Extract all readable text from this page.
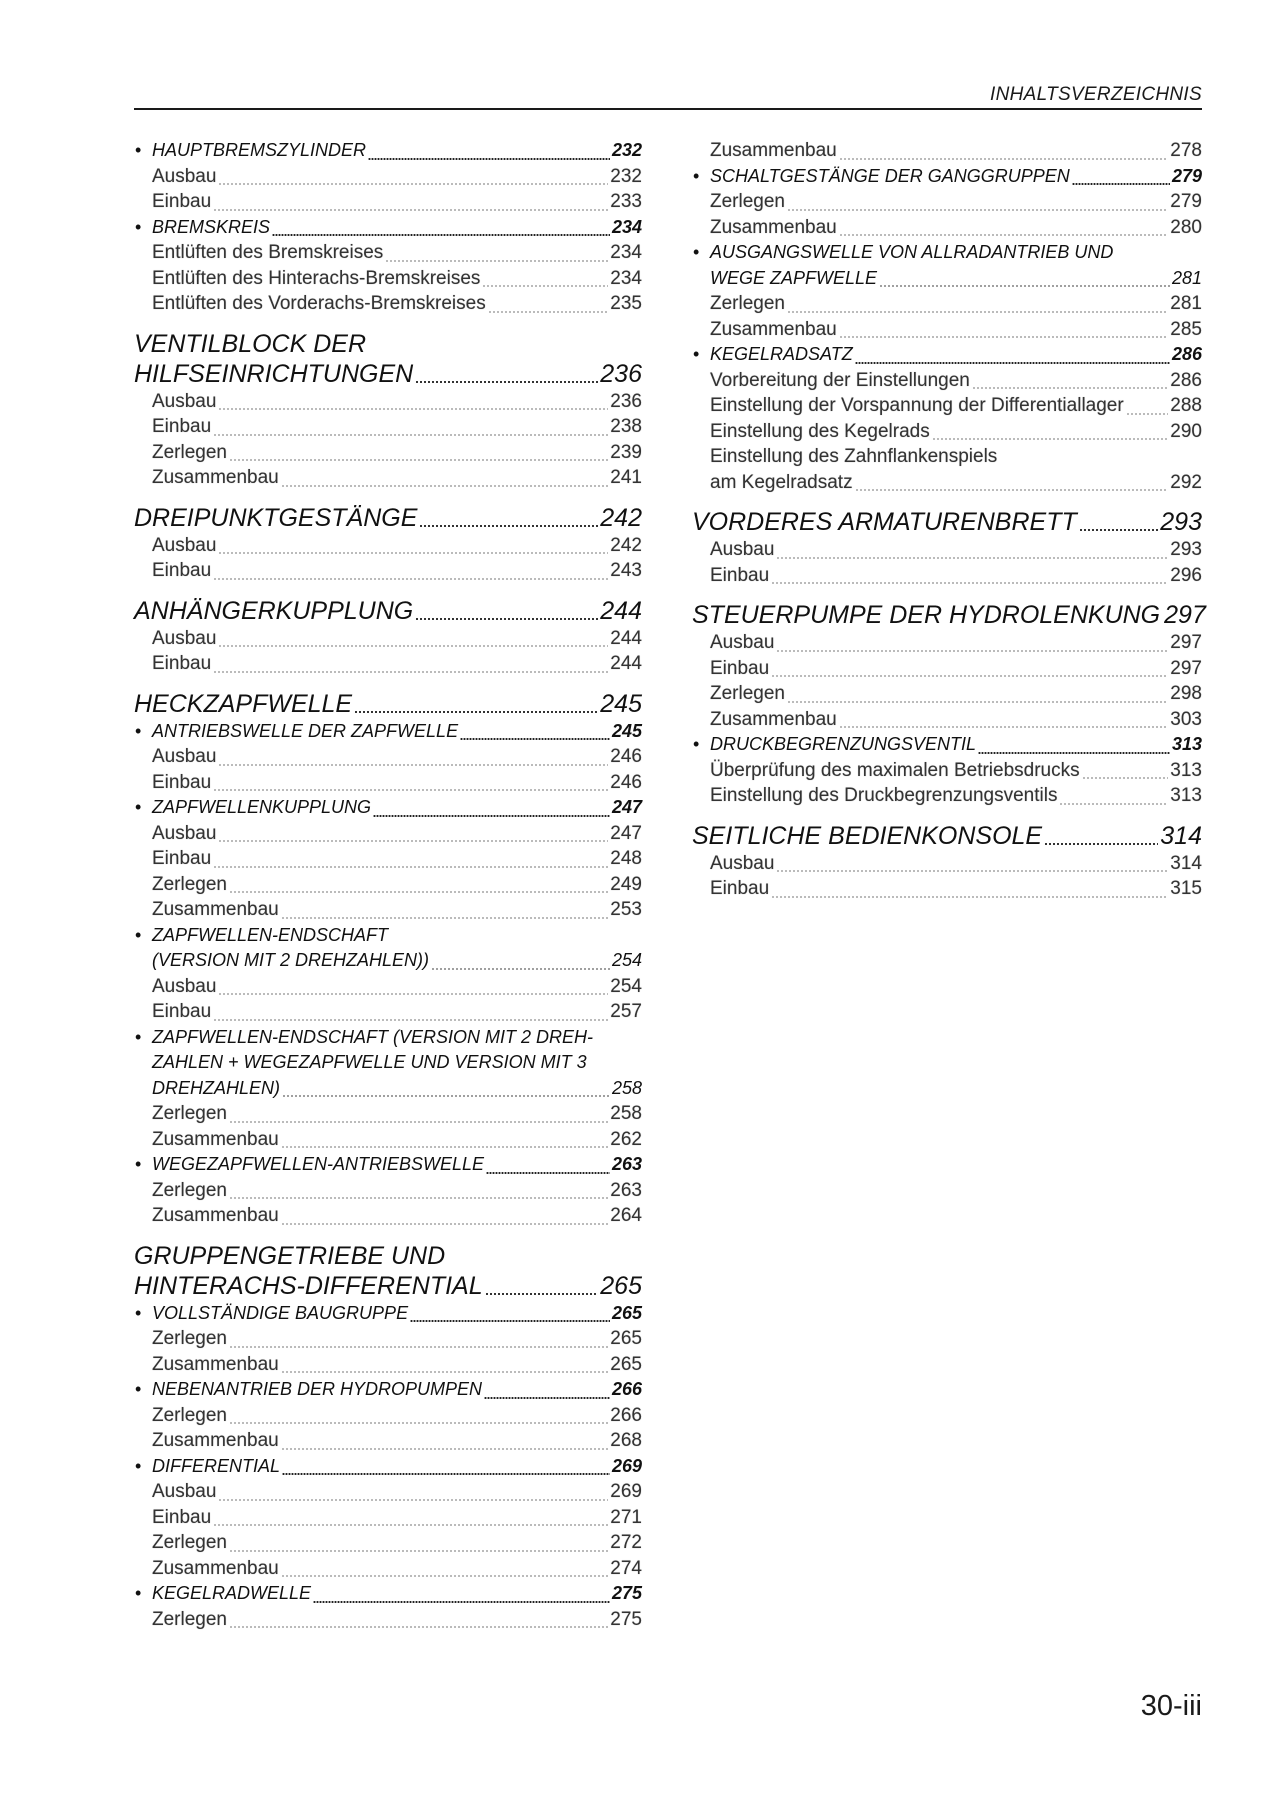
INHALTSVERZEICHNIS
• HAUPTBREMSZYLINDER	232
Ausbau	232
Einbau	233
• BREMSKREIS	234
Entlüften des Bremskreises	234
Entlüften des Hinterachs-Bremskreises	234
Entlüften des Vorderachs-Bremskreises	235
VENTILBLOCK DER
HILFSEINRICHTUNGEN	236
Ausbau	236
Einbau	238
Zerlegen	239
Zusammenbau	241
DREIPUNKTGESTÄNGE	242
Ausbau	242
Einbau	243
ANHÄNGERKUPPLUNG	244
Ausbau	244
Einbau	244
HECKZAPFWELLE	245
• ANTRIEBSWELLE DER ZAPFWELLE	245
Ausbau	246
Einbau	246
• ZAPFWELLENKUPPLUNG	247
Ausbau	247
Einbau	248
Zerlegen	249
Zusammenbau	253
• ZAPFWELLEN-ENDSCHAFT
(VERSION MIT 2 DREHZAHLEN))	254
Ausbau	254
Einbau	257
• ZAPFWELLEN-ENDSCHAFT (VERSION MIT 2 DREH-
ZAHLEN + WEGEZAPFWELLE UND VERSION MIT 3
DREHZAHLEN)	258
Zerlegen	258
Zusammenbau	262
• WEGEZAPFWELLEN-ANTRIEBSWELLE	263
Zerlegen	263
Zusammenbau	264
GRUPPENGETRIEBE UND
HINTERACHS-DIFFERENTIAL	265
• VOLLSTÄNDIGE BAUGRUPPE	265
Zerlegen	265
Zusammenbau	265
• NEBENANTRIEB DER HYDROPUMPEN	266
Zerlegen	266
Zusammenbau	268
• DIFFERENTIAL	269
Ausbau	269
Einbau	271
Zerlegen	272
Zusammenbau	274
• KEGELRADWELLE	275
Zerlegen	275
Zusammenbau	278
• SCHALTGESTÄNGE DER GANGGRUPPEN	279
Zerlegen	279
Zusammenbau	280
• AUSGANGSWELLE VON ALLRADANTRIEB UND
WEGE ZAPFWELLE	281
Zerlegen	281
Zusammenbau	285
• KEGELRADSATZ	286
Vorbereitung der Einstellungen	286
Einstellung der Vorspannung der Differentiallager 288
Einstellung des Kegelrads	290
Einstellung des Zahnflankenspiels
am Kegelradsatz	292
VORDERES ARMATURENBRETT	293
Ausbau	293
Einbau	296
STEUERPUMPE DER HYDROLENKUNG 297
Ausbau	297
Einbau	297
Zerlegen	298
Zusammenbau	303
• DRUCKBEGRENZUNGSVENTIL	313
Überprüfung des maximalen Betriebsdrucks	313
Einstellung des Druckbegrenzungsventils	313
SEITLICHE BEDIENKONSOLE	314
Ausbau	314
Einbau	315
30-iii
